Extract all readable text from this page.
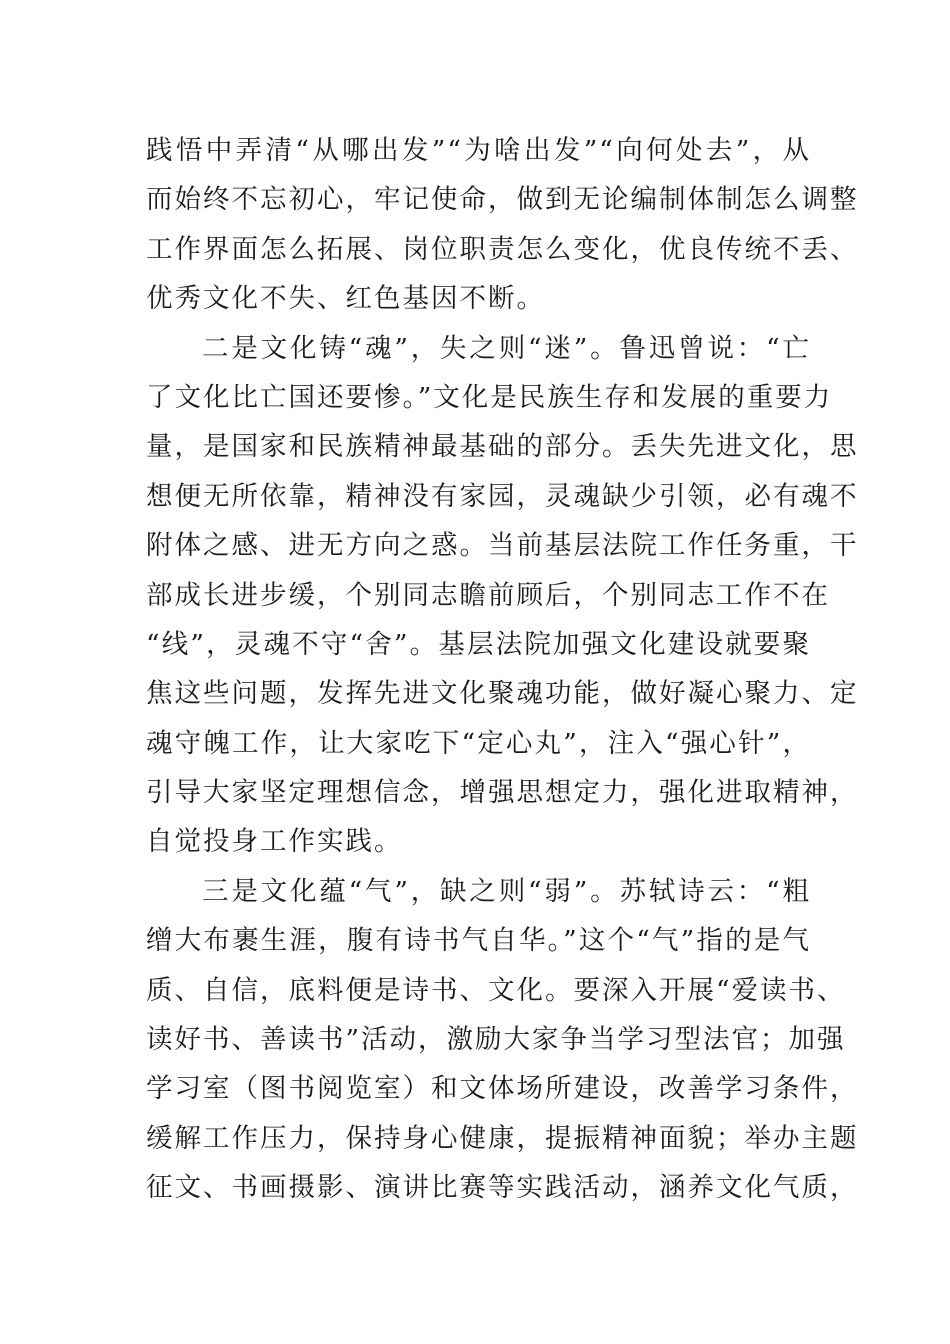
践悟中弄清“从哪出发”“为啥出发”“向何处去”，从
而始终不忘初心，牢记使命，做到无论编制体制怎么调整
工作界面怎么拓展、岗位职责怎么变化，优良传统不丢、
优秀文化不失、红色基因不断。
二是文化铸“魂”，失之则“迷”。鲁迅曾说：“亡
了文化比亡国还要惨。”文化是民族生存和发展的重要力
量，是国家和民族精神最基础的部分。丢失先进文化，思
想便无所依靠，精神没有家园，灵魂缺少引领，必有魂不
附体之感、进无方向之惑。当前基层法院工作任务重，干
部成长进步缓，个别同志瞻前顾后，个别同志工作不在
“线”，灵魂不守“舍”。基层法院加强文化建设就要聚
焦这些问题，发挥先进文化聚魂功能，做好凝心聚力、定
魂守魄工作，让大家吃下“定心丸”，注入“强心针”，
引导大家坚定理想信念，增强思想定力，强化进取精神，
自觉投身工作实践。
三是文化蕴“气”，缺之则“弱”。苏轼诗云：“粗
缯大布裹生涯，腹有诗书气自华。”这个“气”指的是气
质、自信，底料便是诗书、文化。要深入开展“爱读书、
读好书、善读书”活动，激励大家争当学习型法官；加强
学习室（图书阅览室）和文体场所建设，改善学习条件，
缓解工作压力，保持身心健康，提振精神面貌；举办主题
征文、书画摄影、演讲比赛等实践活动，涵养文化气质，
